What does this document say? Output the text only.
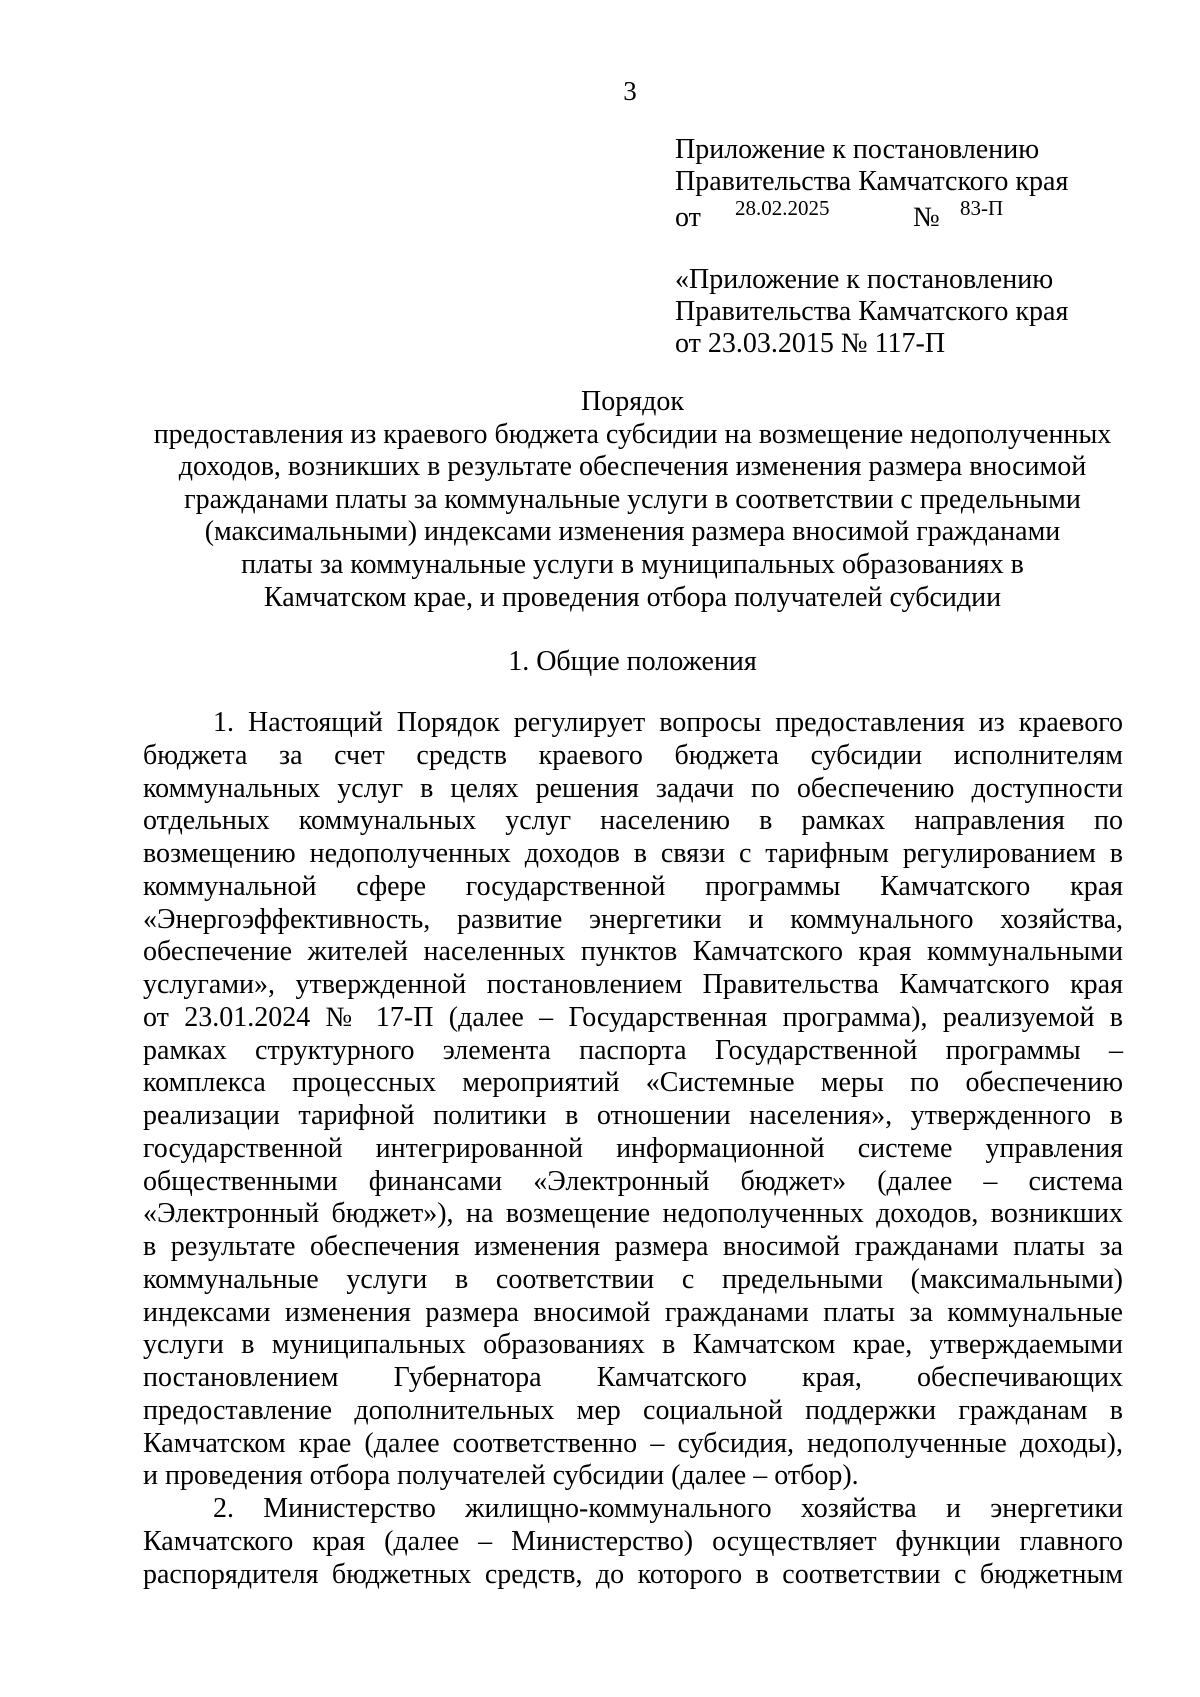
3
Приложение к постановлению
Правительства Камчатского края
от 28.02.2025	№ 83-П
«Приложение к постановлению
Правительства Камчатского края
от 23.03.2015 № 117-П
Порядок
предоставления из краевого бюджета субсидии на возмещение недополученных
доходов, возникших в результате обеспечения изменения размера вносимой
гражданами платы за коммунальные услуги в соответствии с предельными
(максимальными) индексами изменения размера вносимой гражданами
платы за коммунальные услуги в муниципальных образованиях в
Камчатском крае, и проведения отбора получателей субсидии
1. Общие положения
1. Настоящий Порядок регулирует вопросы предоставления из краевого
бюджета за счет средств краевого бюджета субсидии исполнителям
коммунальных услуг в целях решения задачи по обеспечению доступности
отдельных коммунальных услуг населению в рамках направления по
возмещению недополученных доходов в связи с тарифным регулированием в
коммунальной сфере государственной программы Камчатского края
«Энергоэффективность, развитие энергетики и коммунального хозяйства,
обеспечение жителей населенных пунктов Камчатского края коммунальными
услугами», утвержденной постановлением Правительства Камчатского края
от 23.01.2024 № 17-П (далее – Государственная программа), реализуемой в
рамках структурного элемента паспорта Государственной программы –
комплекса процессных мероприятий «Системные меры по обеспечению
реализации тарифной политики в отношении населения», утвержденного в
государственной интегрированной информационной системе управления
общественными финансами «Электронный бюджет» (далее – система
«Электронный бюджет»), на возмещение недополученных доходов, возникших
в результате обеспечения изменения размера вносимой гражданами платы за
коммунальные услуги в соответствии с предельными (максимальными)
индексами изменения размера вносимой гражданами платы за коммунальные
услуги в муниципальных образованиях в Камчатском крае, утверждаемыми
постановлением Губернатора Камчатского края, обеспечивающих
предоставление дополнительных мер социальной поддержки гражданам в
Камчатском крае (далее соответственно – субсидия, недополученные доходы),
и проведения отбора получателей субсидии (далее – отбор).
2. Министерство жилищно-коммунального хозяйства и энергетики
Камчатского края (далее – Министерство) осуществляет функции главного
распорядителя бюджетных средств, до которого в соответствии с бюджетным
